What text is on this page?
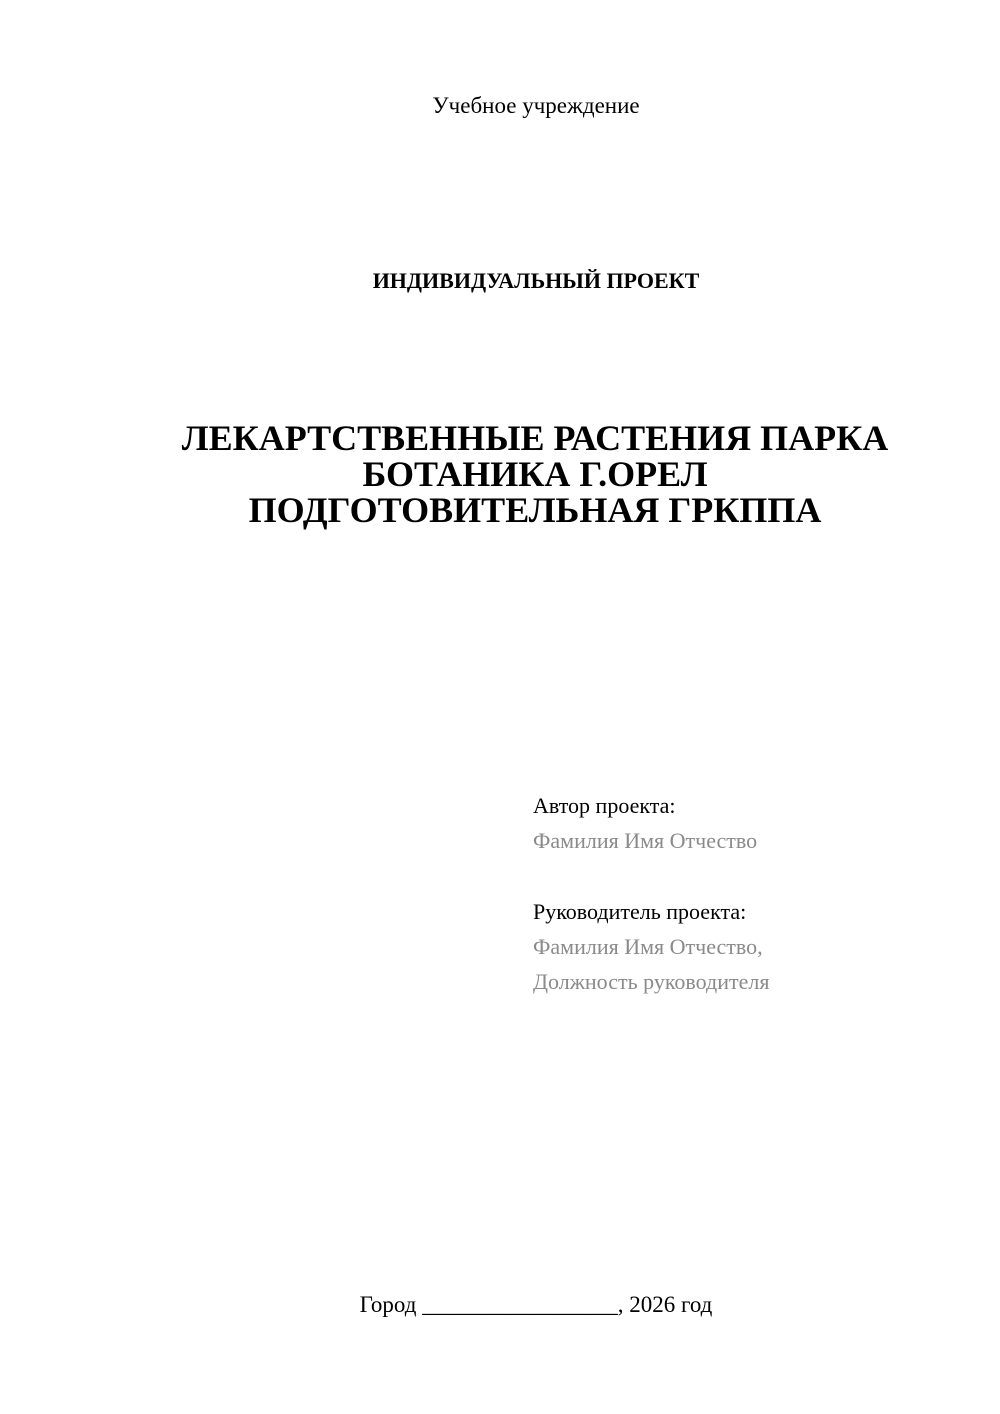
Учебное учреждение
ИНДИВИДУАЛЬНЫЙ ПРОЕКТ
ЛЕКАРТСТВЕННЫЕ РАСТЕНИЯ ПАРКА
БОТАНИКА Г.ОРЕЛ
ПОДГОТОВИТЕЛЬНАЯ ГРКППА
Автор проекта:
Фамилия Имя Отчество
Руководитель проекта:
Фамилия Имя Отчество,
Должность руководителя
Город _________________, 2026 год
